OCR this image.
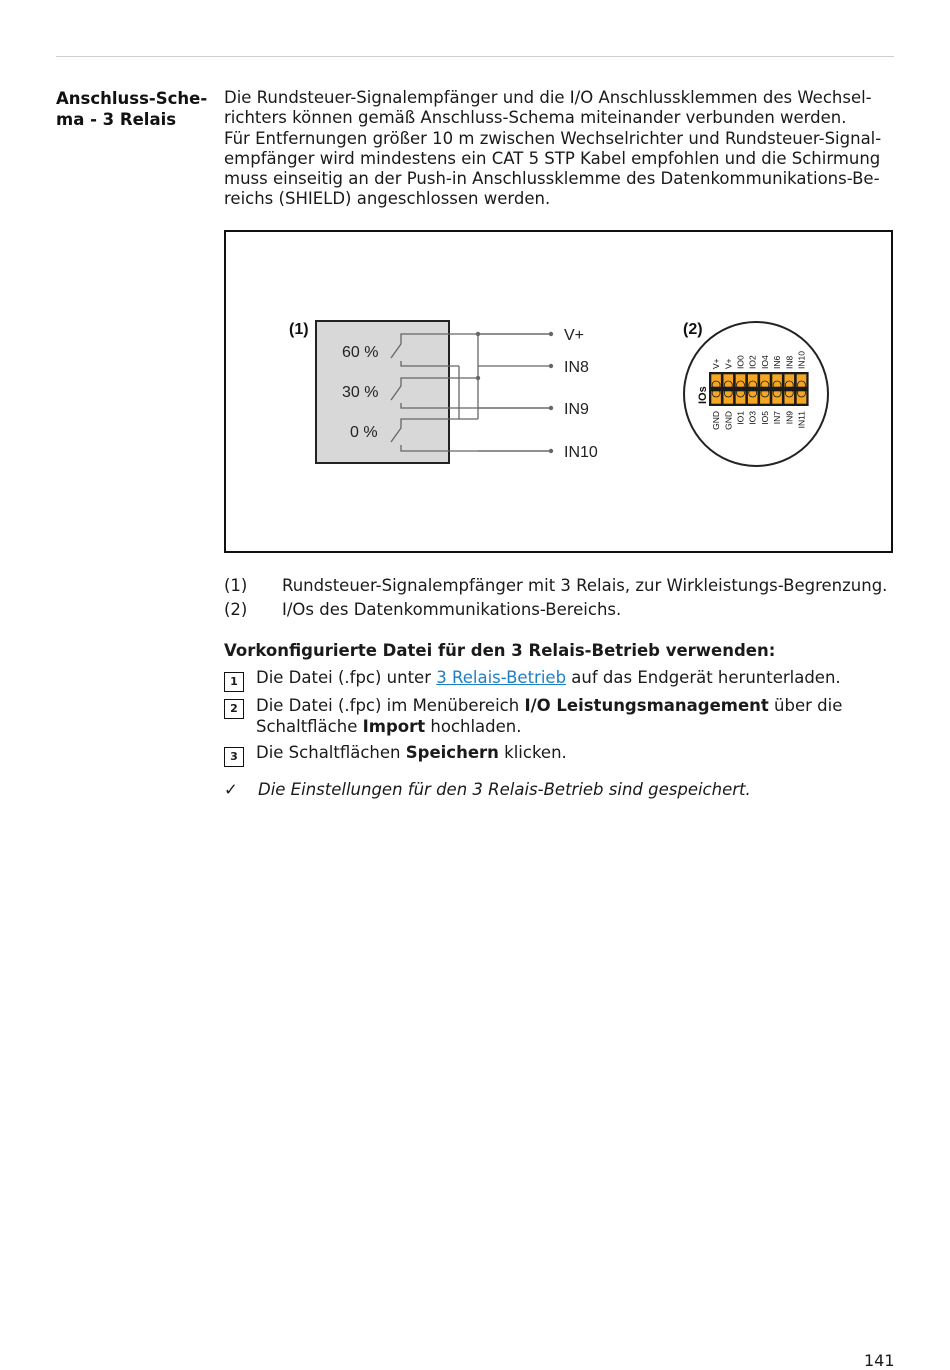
Anschluss-Sche-
ma - 3 Relais
Die Rundsteuer-Signalempfänger und die I/O Anschlussklemmen des Wechsel-
richters können gemäß Anschluss-Schema miteinander verbunden werden.
Für Entfernungen größer 10 m zwischen Wechselrichter und Rundsteuer-Signal-
empfänger wird mindestens ein CAT 5 STP Kabel empfohlen und die Schirmung
muss einseitig an der Push-in Anschlussklemme des Datenkommunikations-Be-
reichs (SHIELD) angeschlossen werden.
(1)
60 %
30 %
0 %
V+
IN8
IN9
IN10
(2)
IOs
V+ V+ IO0 IO2 IO4 IN6 IN8 IN10
GND GND IO1 IO3 IO5 IN7 IN9 IN11
(1) Rundsteuer-Signalempfänger mit 3 Relais, zur Wirkleistungs-Begrenzung.
(2) I/Os des Datenkommunikations-Bereichs.
Vorkonfigurierte Datei für den 3 Relais-Betrieb verwenden:
1	Die Datei (.fpc) unter 3 Relais-Betrieb auf das Endgerät herunterladen.
2	Die Datei (.fpc) im Menübereich I/O Leistungsmanagement über die
Schaltfläche Import hochladen.
3	Die Schaltflächen Speichern klicken.
✓ Die Einstellungen für den 3 Relais-Betrieb sind gespeichert.
141
